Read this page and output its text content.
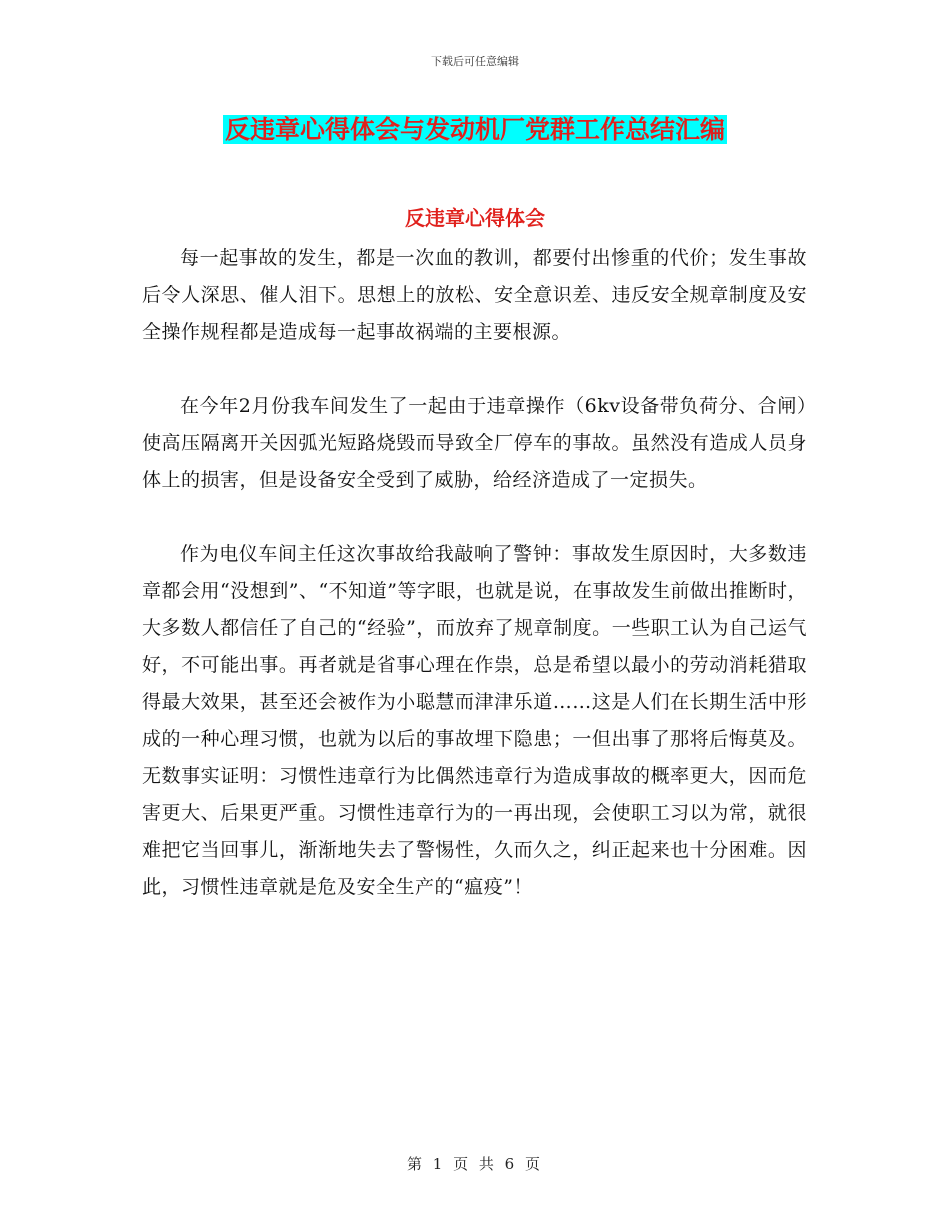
下载后可任意编辑
反违章心得体会与发动机厂党群工作总结汇编
反违章心得体会

每一起事故的发生，都是一次血的教训，都要付出惨重的代价；发生事故后令人深思、催人泪下。思想上的放松、安全意识差、违反安全规章制度及安全操作规程都是造成每一起事故祸端的主要根源。

在今年2月份我车间发生了一起由于违章操作（6kv设备带负荷分、合闸）使高压隔离开关因弧光短路烧毁而导致全厂停车的事故。虽然没有造成人员身体上的损害，但是设备安全受到了威胁，给经济造成了一定损失。

作为电仪车间主任这次事故给我敲响了警钟：事故发生原因时，大多数违章都会用“没想到”、“不知道”等字眼，也就是说，在事故发生前做出推断时，大多数人都信任了自己的“经验”，而放弃了规章制度。一些职工认为自己运气好，不可能出事。再者就是省事心理在作祟，总是希望以最小的劳动消耗猎取得最大效果，甚至还会被作为小聪慧而津津乐道……这是人们在长期生活中形成的一种心理习惯，也就为以后的事故埋下隐患；一但出事了那将后悔莫及。无数事实证明：习惯性违章行为比偶然违章行为造成事故的概率更大，因而危害更大、后果更严重。习惯性违章行为的一再出现，会使职工习以为常，就很难把它当回事儿，渐渐地失去了警惕性，久而久之，纠正起来也十分困难。因此，习惯性违章就是危及安全生产的“瘟疫”！

第 1 页 共 6 页
